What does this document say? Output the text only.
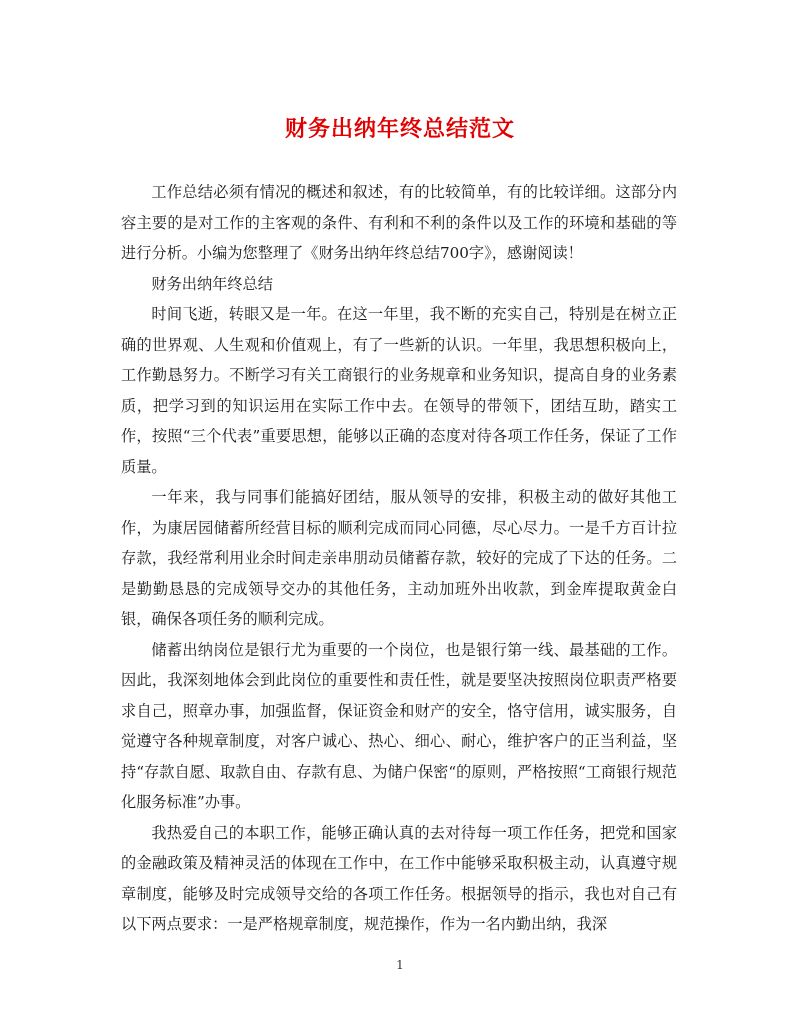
财务出纳年终总结范文

工作总结必须有情况的概述和叙述，有的比较简单，有的比较详细。这部分内容主要的是对工作的主客观的条件、有利和不利的条件以及工作的环境和基础的等进行分析。小编为您整理了《财务出纳年终总结700字》，感谢阅读！

财务出纳年终总结

时间飞逝，转眼又是一年。在这一年里，我不断的充实自己，特别是在树立正确的世界观、人生观和价值观上，有了一些新的认识。一年里，我思想积极向上，工作勤恳努力。不断学习有关工商银行的业务规章和业务知识，提高自身的业务素质，把学习到的知识运用在实际工作中去。在领导的带领下，团结互助，踏实工作，按照“三个代表”重要思想，能够以正确的态度对待各项工作任务，保证了工作质量。

一年来，我与同事们能搞好团结，服从领导的安排，积极主动的做好其他工作，为康居园储蓄所经营目标的顺利完成而同心同德，尽心尽力。一是千方百计拉存款，我经常利用业余时间走亲串朋动员储蓄存款，较好的完成了下达的任务。二是勤勤恳恳的完成领导交办的其他任务，主动加班外出收款，到金库提取黄金白银，确保各项任务的顺利完成。

储蓄出纳岗位是银行尤为重要的一个岗位，也是银行第一线、最基础的工作。因此，我深刻地体会到此岗位的重要性和责任性，就是要坚决按照岗位职责严格要求自己，照章办事，加强监督，保证资金和财产的安全，恪守信用，诚实服务，自觉遵守各种规章制度，对客户诚心、热心、细心、耐心，维护客户的正当利益，坚持“存款自愿、取款自由、存款有息、为储户保密“的原则，严格按照“工商银行规范化服务标准”办事。

我热爱自己的本职工作，能够正确认真的去对待每一项工作任务，把党和国家的金融政策及精神灵活的体现在工作中，在工作中能够采取积极主动，认真遵守规章制度，能够及时完成领导交给的各项工作任务。根据领导的指示，我也对自己有以下两点要求：一是严格规章制度，规范操作，作为一名内勤出纳，我深

1
